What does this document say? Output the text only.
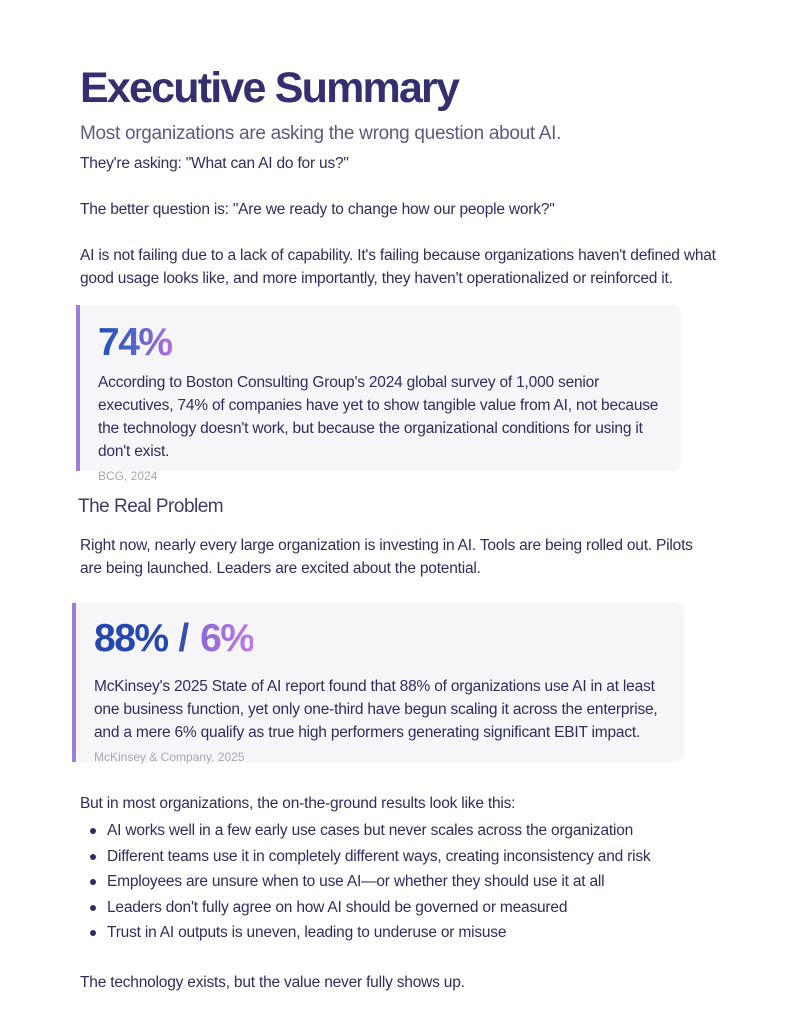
Executive Summary

Most organizations are asking the wrong question about AI.

They're asking: "What can AI do for us?"

The better question is: "Are we ready to change how our people work?"

AI is not failing due to a lack of capability. It's failing because organizations haven't defined what good usage looks like, and more importantly, they haven't operationalized or reinforced it.

74%

According to Boston Consulting Group's 2024 global survey of 1,000 senior executives, 74% of companies have yet to show tangible value from AI, not because the technology doesn't work, but because the organizational conditions for using it don't exist.

BCG, 2024
The Real Problem

Right now, nearly every large organization is investing in AI. Tools are being rolled out. Pilots are being launched. Leaders are excited about the potential.

88% / 6%

McKinsey's 2025 State of AI report found that 88% of organizations use AI in at least one business function, yet only one-third have begun scaling it across the enterprise, and a mere 6% qualify as true high performers generating significant EBIT impact.

McKinsey & Company, 2025

But in most organizations, the on-the-ground results look like this:

AI works well in a few early use cases but never scales across the organization
Different teams use it in completely different ways, creating inconsistency and risk
Employees are unsure when to use AI—or whether they should use it at all
Leaders don't fully agree on how AI should be governed or measured
Trust in AI outputs is uneven, leading to underuse or misuse

The technology exists, but the value never fully shows up.
